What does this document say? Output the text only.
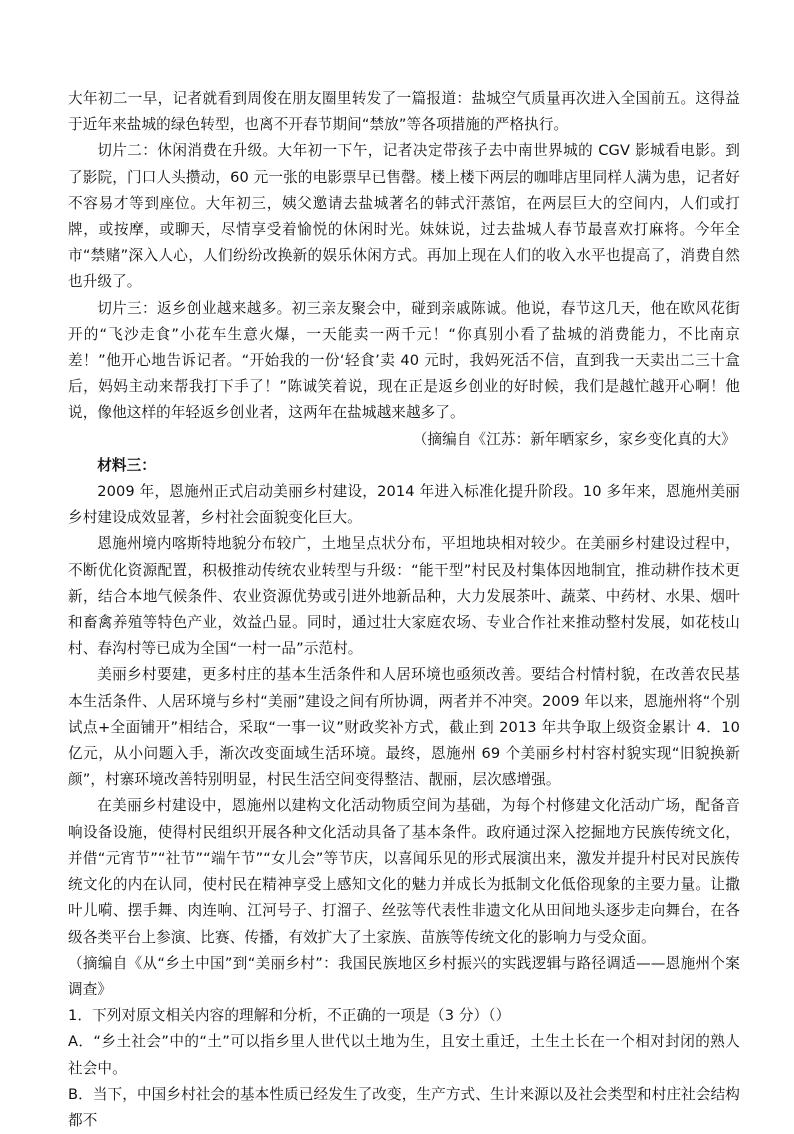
大年初二一早，记者就看到周俊在朋友圈里转发了一篇报道：盐城空气质量再次进入全国前五。这得益于近年来盐城的绿色转型，也离不开春节期间“禁放”等各项措施的严格执行。

切片二：休闲消费在升级。大年初一下午，记者决定带孩子去中南世界城的 CGV 影城看电影。到了影院，门口人头攒动，60 元一张的电影票早已售罄。楼上楼下两层的咖啡店里同样人满为患，记者好不容易才等到座位。大年初三，姨父邀请去盐城著名的韩式汗蒸馆，在两层巨大的空间内，人们或打牌，或按摩，或聊天，尽情享受着愉悦的休闲时光。妹妹说，过去盐城人春节最喜欢打麻将。今年全市“禁赌”深入人心，人们纷纷改换新的娱乐休闲方式。再加上现在人们的收入水平也提高了，消费自然也升级了。

切片三：返乡创业越来越多。初三亲友聚会中，碰到亲戚陈诚。他说，春节这几天，他在欧风花街开的“飞沙走食”小花车生意火爆，一天能卖一两千元！“你真别小看了盐城的消费能力，不比南京差！”他开心地告诉记者。“开始我的一份‘轻食’卖 40 元时，我妈死活不信，直到我一天卖出二三十盒后，妈妈主动来帮我打下手了！”陈诚笑着说，现在正是返乡创业的好时候，我们是越忙越开心啊！他说，像他这样的年轻返乡创业者，这两年在盐城越来越多了。

（摘编自《江苏：新年晒家乡，家乡变化真的大》

材料三：

2009 年，恩施州正式启动美丽乡村建设，2014 年进入标准化提升阶段。10 多年来，恩施州美丽乡村建设成效显著，乡村社会面貌变化巨大。

恩施州境内喀斯特地貌分布较广，土地呈点状分布，平坦地块相对较少。在美丽乡村建设过程中，不断优化资源配置，积极推动传统农业转型与升级：“能干型”村民及村集体因地制宜，推动耕作技术更新，结合本地气候条件、农业资源优势或引进外地新品种，大力发展茶叶、蔬菜、中药材、水果、烟叶和畜禽养殖等特色产业，效益凸显。同时，通过壮大家庭农场、专业合作社来推动整村发展，如花枝山村、春沟村等已成为全国“一村一品”示范村。

美丽乡村要建，更多村庄的基本生活条件和人居环境也亟须改善。要结合村情村貌，在改善农民基本生活条件、人居环境与乡村“美丽”建设之间有所协调，两者并不冲突。2009 年以来，恩施州将“个别试点+全面铺开”相结合，采取“一事一议”财政奖补方式，截止到 2013 年共争取上级资金累计 4．10 亿元，从小问题入手，渐次改变面域生活环境。最终，恩施州 69 个美丽乡村村容村貌实现“旧貌换新颜”，村寨环境改善特别明显，村民生活空间变得整洁、靓丽，层次感增强。

在美丽乡村建设中，恩施州以建构文化活动物质空间为基础，为每个村修建文化活动广场，配备音响设备设施，使得村民组织开展各种文化活动具备了基本条件。政府通过深入挖掘地方民族传统文化，并借“元宵节”“社节”“端午节”“女儿会”等节庆，以喜闻乐见的形式展演出来，激发并提升村民对民族传统文化的内在认同，使村民在精神享受上感知文化的魅力并成长为抵制文化低俗现象的主要力量。让撒叶儿嗬、摆手舞、肉连响、江河号子、打溜子、丝弦等代表性非遗文化从田间地头逐步走向舞台，在各级各类平台上参演、比赛、传播，有效扩大了土家族、苗族等传统文化的影响力与受众面。

（摘编自《从“乡土中国”到“美丽乡村”：我国民族地区乡村振兴的实践逻辑与路径调适——恩施州个案调查》

1．下列对原文相关内容的理解和分析，不正确的一项是（3 分）（）

A．“乡土社会”中的“土”可以指乡里人世代以土地为生，且安土重迁，土生土长在一个相对封闭的熟人社会中。

B．当下，中国乡村社会的基本性质已经发生了改变，生产方式、生计来源以及社会类型和村庄社会结构都不
